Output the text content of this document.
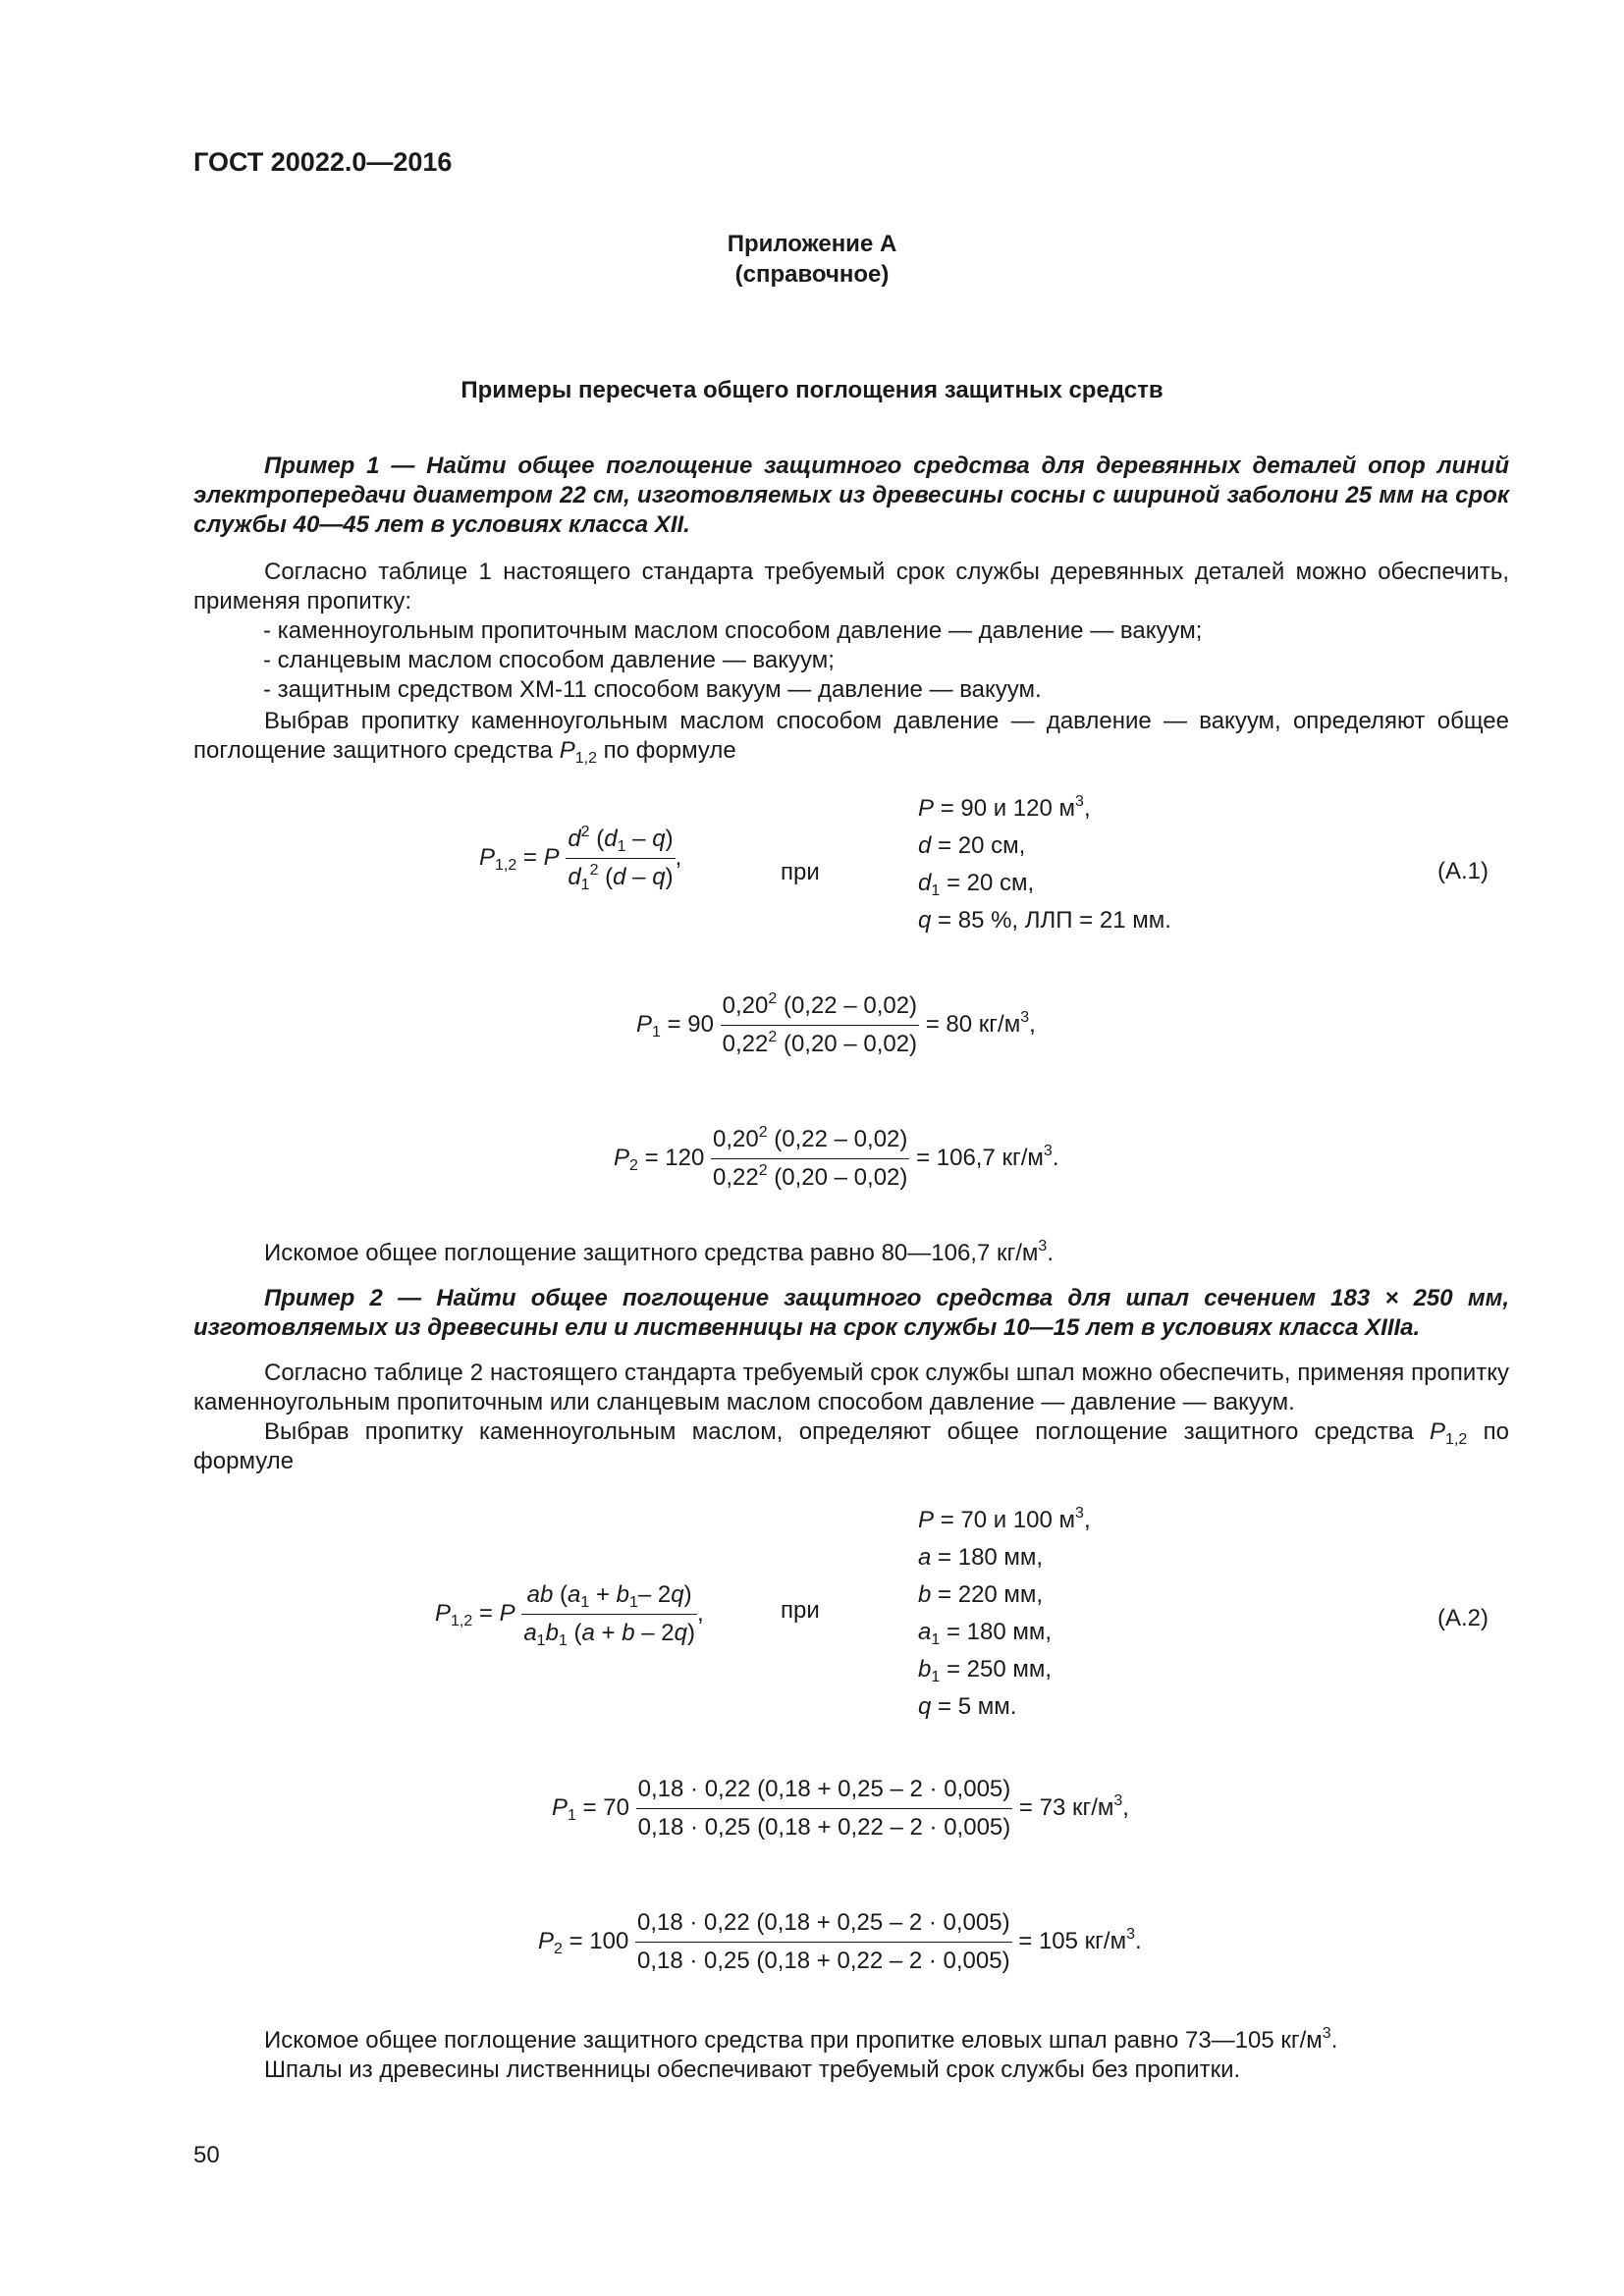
ГОСТ 20022.0—2016
Приложение А
(справочное)
Примеры пересчета общего поглощения защитных средств
Пример 1 — Найти общее поглощение защитного средства для деревянных деталей опор линий электропередачи диаметром 22 см, изготовляемых из древесины сосны с шириной заболони 25 мм на срок службы 40—45 лет в условиях класса XII.
Согласно таблице 1 настоящего стандарта требуемый срок службы деревянных деталей можно обеспечить, применяя пропитку:
- каменноугольным пропиточным маслом способом давление — давление — вакуум;
- сланцевым маслом способом давление — вакуум;
- защитным средством ХМ-11 способом вакуум — давление — вакуум.
Выбрав пропитку каменноугольным маслом способом давление — давление — вакуум, определяют общее поглощение защитного средства $P_{1,2}$ по формуле
$P_{1,2} = P \frac{d^2 (d_1 - q)}{d_1^2 (d - q)}$ ,
при
P = 90 и 120 $м^3$,
d = 20 см,
$d_1 = 20$ см,
q = 85 %, ЛЛП = 21 мм.
(А.1)
$P_1 = 90 \frac{0,20^2 (0,22 - 0,02)}{0,22^2 (0,20 - 0,02)} = 80$ $кг/м^3$,
$P_2 = 120 \frac{0,20^2 (0,22 - 0,02)}{0,22^2 (0,20 - 0,02)} = 106,7$ $кг/м^3$.
Искомое общее поглощение защитного средства равно 80—106,7 $кг/м^3$.
Пример 2 — Найти общее поглощение защитного средства для шпал сечением 183 × 250 мм, изготовляемых из древесины ели и лиственницы на срок службы 10—15 лет в условиях класса XIIIa.
Согласно таблице 2 настоящего стандарта требуемый срок службы шпал можно обеспечить, применяя пропитку каменноугольным пропиточным или сланцевым маслом способом давление — давление — вакуум.
Выбрав пропитку каменноугольным маслом, определяют общее поглощение защитного средства $P_{1,2}$ по формуле
$P_{1,2} = P \frac{ab (a_1 + b_1- 2q)}{a_1b_1 (a + b - 2q)}$ ,	при
P = 70 и 100 $м^3$,
a = 180 мм,
b = 220 мм,
$a_1 = 180$ мм,
$b_1 = 250$ мм,
q = 5 мм.
(А.2)
$P_1 = 70 \frac{0,18 \cdot 0,22 (0,18 + 0,25 - 2 \cdot 0,005)}{0,18 \cdot 0,25 (0,18 + 0,22 - 2 \cdot 0,005)} = 73$ $кг/м^3$,
$P_2 = 100 \frac{0,18 \cdot 0,22 (0,18 + 0,25 - 2 \cdot 0,005)}{0,18 \cdot 0,25 (0,18 + 0,22 - 2 \cdot 0,005)} = 105$ $кг/м^3$.
Искомое общее поглощение защитного средства при пропитке еловых шпал равно 73—105 $кг/м^3$.
Шпалы из древесины лиственницы обеспечивают требуемый срок службы без пропитки.
50
